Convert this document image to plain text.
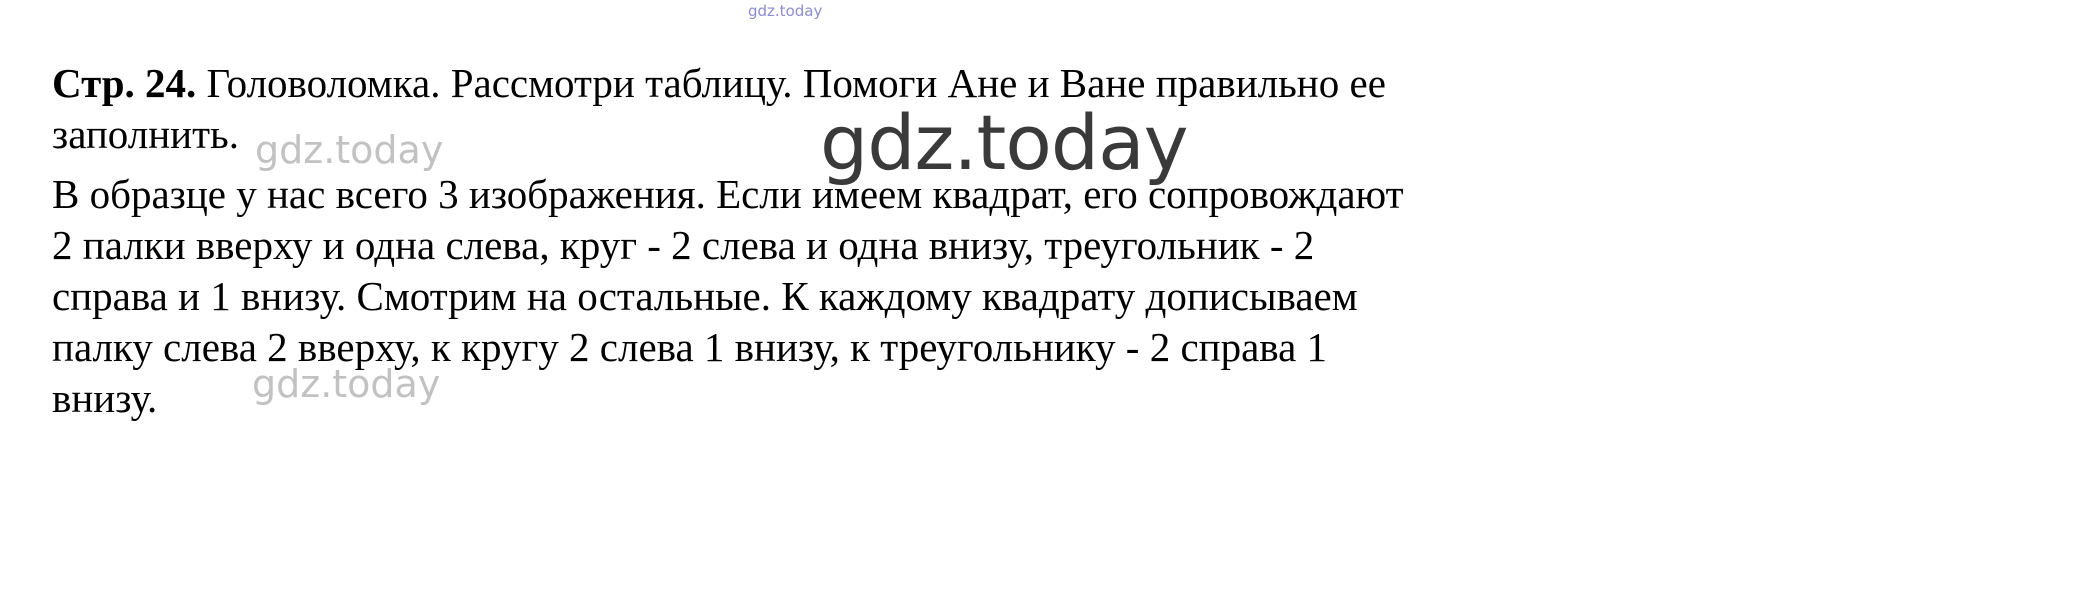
gdz.today
gdz.today	gdz.today
gdz.today
Стр. 24. Головоломка. Рассмотри таблицу. Помоги Ане и Ване правильно ее
заполнить.
В образце у нас всего 3 изображения. Если имеем квадрат, его сопровождают
2 палки вверху и одна слева, круг - 2 слева и одна внизу, треугольник - 2
справа и 1 внизу. Смотрим на остальные. К каждому квадрату дописываем
палку слева 2 вверху, к кругу 2 слева 1 внизу, к треугольнику - 2 справа 1
внизу.
